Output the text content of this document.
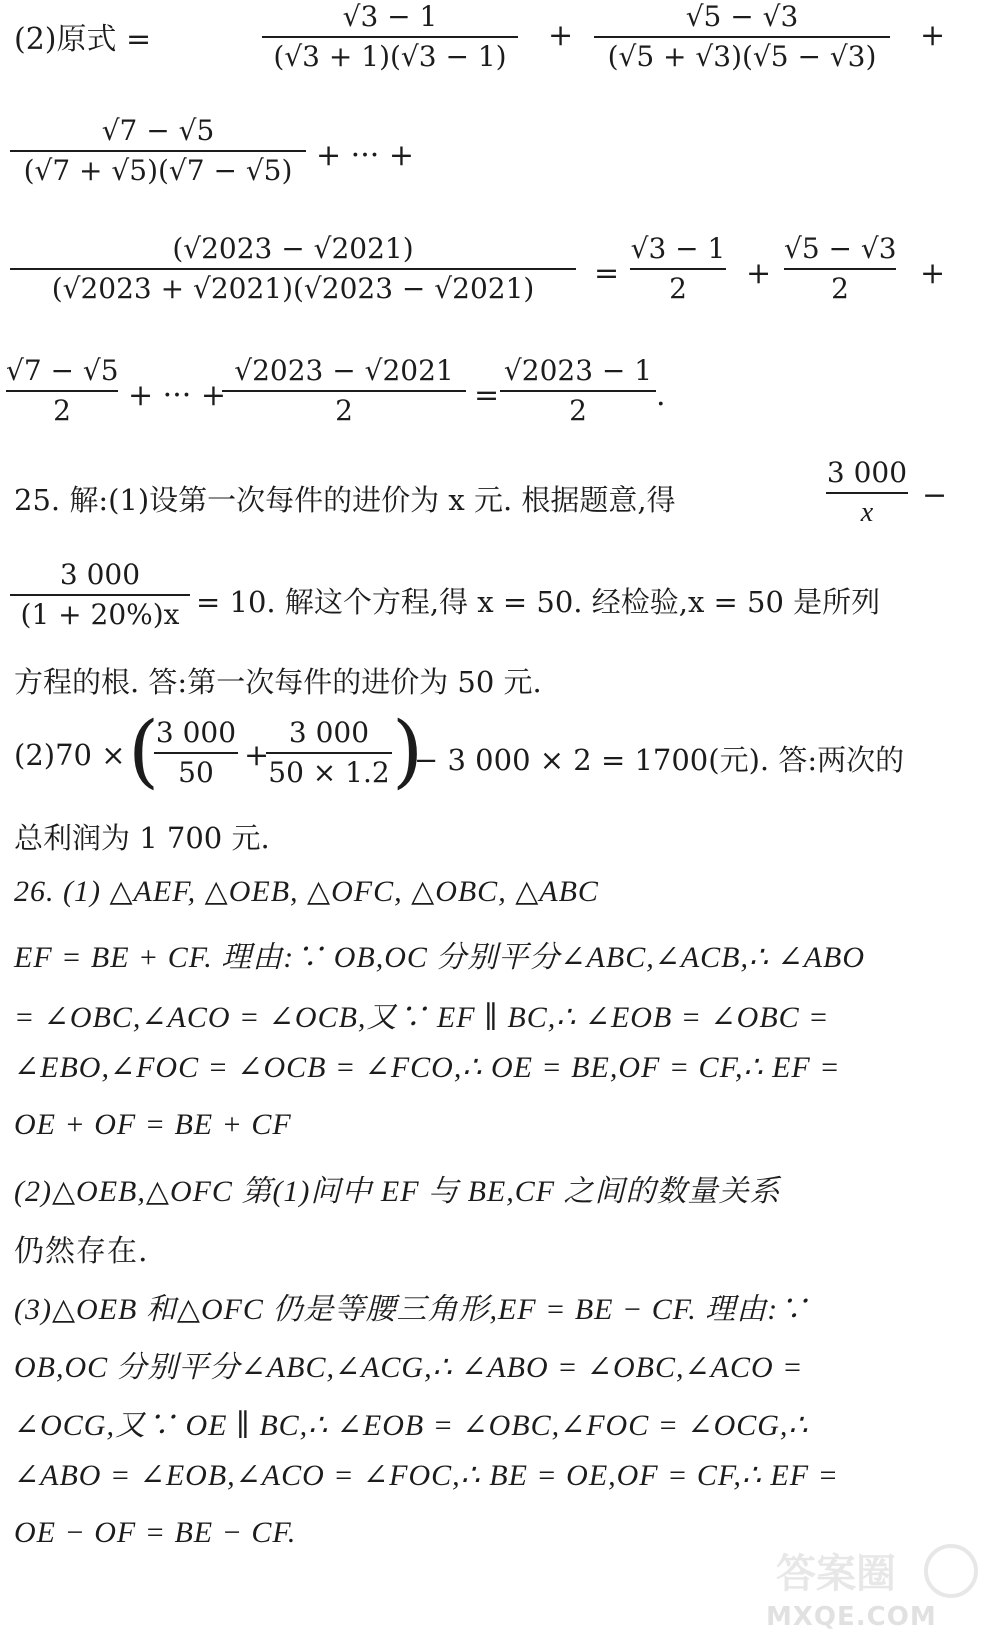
(2)原式 =
√3 − 1
(√3 + 1)(√3 − 1)
+
√5 − √3
(√5 + √3)(√5 − √3)
+
√7 − √5
(√7 + √5)(√7 − √5) + ··· +
(√2023 − √2021)
(√2023 + √2021)(√2023 − √2021)	=
√3 − 1
2	+
√5 − √3
2	+
√7 − √5
2	+ ··· +
√2023 − √2021
2	=
√2023 − 1
2	.
25. 解:(1)设第一次每件的进价为 x 元. 根据题意,得
3 000
x	−
3 000
(1 + 20%)x = 10. 解这个方程,得 x = 50. 经检验,x = 50 是所列
方程的根. 答:第一次每件的进价为 50 元.
(2)70 × (
3 000
50	+
3 000
50 × 1.2 )
− 3 000 × 2 = 1700(元). 答:两次的
总利润为 1 700 元.
26. (1) △AEF, △OEB, △OFC, △OBC, △ABC
EF = BE + CF. 理由:∵ OB,OC 分别平分∠ABC,∠ACB,∴ ∠ABO
= ∠OBC,∠ACO = ∠OCB,又∵ EF ∥ BC,∴ ∠EOB = ∠OBC =
∠EBO,∠FOC = ∠OCB = ∠FCO,∴ OE = BE,OF = CF,∴ EF =
OE + OF = BE + CF
(2)△OEB,△OFC 第(1)问中 EF 与 BE,CF 之间的数量关系
仍然存在.
(3)△OEB 和△OFC 仍是等腰三角形,EF = BE − CF. 理由:∵
OB,OC 分别平分∠ABC,∠ACG,∴ ∠ABO = ∠OBC,∠ACO =
∠OCG,又∵ OE ∥ BC,∴ ∠EOB = ∠OBC,∠FOC = ∠OCG,∴
∠ABO = ∠EOB,∠ACO = ∠FOC,∴ BE = OE,OF = CF,∴ EF =
OE − OF = BE − CF.
答案圈
MXQE.COM
